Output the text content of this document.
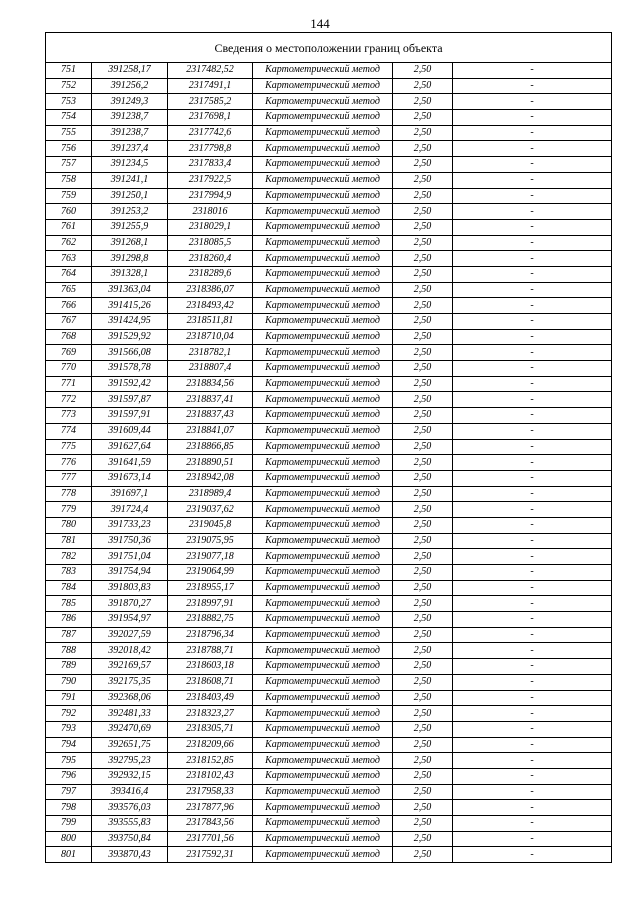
144
Сведения о местоположении границ объекта					
751	391258,17	2317482,52	Картометрический метод	2,50	-
752	391256,2	2317491,1	Картометрический метод	2,50	-
753	391249,3	2317585,2	Картометрический метод	2,50	-
754	391238,7	2317698,1	Картометрический метод	2,50	-
755	391238,7	2317742,6	Картометрический метод	2,50	-
756	391237,4	2317798,8	Картометрический метод	2,50	-
757	391234,5	2317833,4	Картометрический метод	2,50	-
758	391241,1	2317922,5	Картометрический метод	2,50	-
759	391250,1	2317994,9	Картометрический метод	2,50	-
760	391253,2	2318016	Картометрический метод	2,50	-
761	391255,9	2318029,1	Картометрический метод	2,50	-
762	391268,1	2318085,5	Картометрический метод	2,50	-
763	391298,8	2318260,4	Картометрический метод	2,50	-
764	391328,1	2318289,6	Картометрический метод	2,50	-
765	391363,04	2318386,07	Картометрический метод	2,50	-
766	391415,26	2318493,42	Картометрический метод	2,50	-
767	391424,95	2318511,81	Картометрический метод	2,50	-
768	391529,92	2318710,04	Картометрический метод	2,50	-
769	391566,08	2318782,1	Картометрический метод	2,50	-
770	391578,78	2318807,4	Картометрический метод	2,50	-
771	391592,42	2318834,56	Картометрический метод	2,50	-
772	391597,87	2318837,41	Картометрический метод	2,50	-
773	391597,91	2318837,43	Картометрический метод	2,50	-
774	391609,44	2318841,07	Картометрический метод	2,50	-
775	391627,64	2318866,85	Картометрический метод	2,50	-
776	391641,59	2318890,51	Картометрический метод	2,50	-
777	391673,14	2318942,08	Картометрический метод	2,50	-
778	391697,1	2318989,4	Картометрический метод	2,50	-
779	391724,4	2319037,62	Картометрический метод	2,50	-
780	391733,23	2319045,8	Картометрический метод	2,50	-
781	391750,36	2319075,95	Картометрический метод	2,50	-
782	391751,04	2319077,18	Картометрический метод	2,50	-
783	391754,94	2319064,99	Картометрический метод	2,50	-
784	391803,83	2318955,17	Картометрический метод	2,50	-
785	391870,27	2318997,91	Картометрический метод	2,50	-
786	391954,97	2318882,75	Картометрический метод	2,50	-
787	392027,59	2318796,34	Картометрический метод	2,50	-
788	392018,42	2318788,71	Картометрический метод	2,50	-
789	392169,57	2318603,18	Картометрический метод	2,50	-
790	392175,35	2318608,71	Картометрический метод	2,50	-
791	392368,06	2318403,49	Картометрический метод	2,50	-
792	392481,33	2318323,27	Картометрический метод	2,50	-
793	392470,69	2318305,71	Картометрический метод	2,50	-
794	392651,75	2318209,66	Картометрический метод	2,50	-
795	392795,23	2318152,85	Картометрический метод	2,50	-
796	392932,15	2318102,43	Картометрический метод	2,50	-
797	393416,4	2317958,33	Картометрический метод	2,50	-
798	393576,03	2317877,96	Картометрический метод	2,50	-
799	393555,83	2317843,56	Картометрический метод	2,50	-
800	393750,84	2317701,56	Картометрический метод	2,50	-
801	393870,43	2317592,31	Картометрический метод	2,50	-
